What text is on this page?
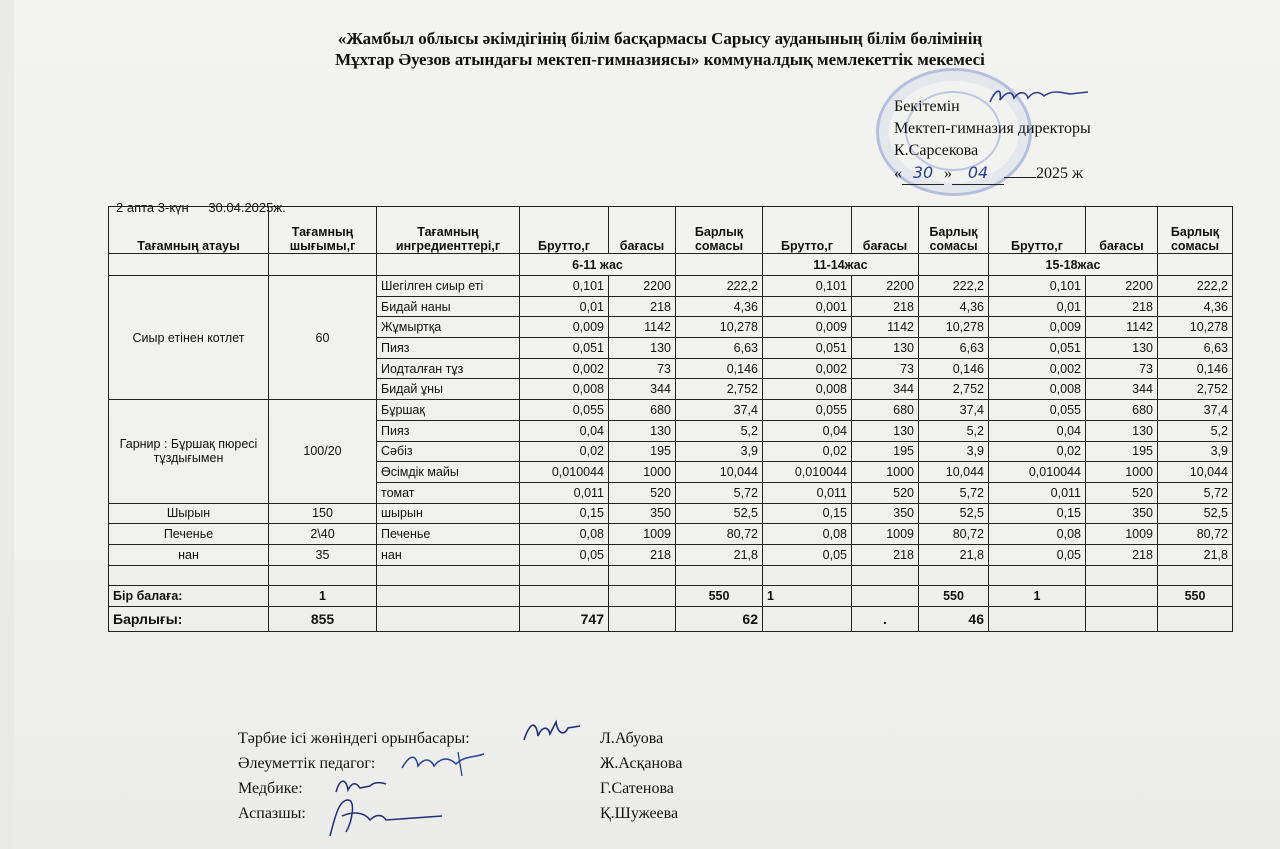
«Жамбыл облысы әкімдігінің білім басқармасы Сарысу ауданының білім бөлімінің
Мұхтар Әуезов атындағы мектеп-гимназиясы» коммуналдық мемлекеттік мекемесі
Бекітемін
Мектеп-гимназия директоры
К.Сарсекова
« 30 » 04	2025 ж
2 апта 3-күн 30.04.2025ж.
Тағамның атауы	Тағамның шығымы,г	Тағамның ингредиенттері,г	Брутто,г	бағасы	Барлық сомасы	Брутто,г	бағасы	Барлық сомасы	Брутто,г	бағасы	Барлық сомасы
			6-11 жас			11-14жас			15-18жас		
Сиыр етінен котлет	60	Шегілген сиыр еті	0,101	2200	222,2	0,101	2200	222,2	0,101	2200	222,2
		Бидай наны	0,01	218	4,36	0,001	218	4,36	0,01	218	4,36
		Жұмыртқа	0,009	1142	10,278	0,009	1142	10,278	0,009	1142	10,278
		Пияз	0,051	130	6,63	0,051	130	6,63	0,051	130	6,63
		Иодталған тұз	0,002	73	0,146	0,002	73	0,146	0,002	73	0,146
		Бидай ұны	0,008	344	2,752	0,008	344	2,752	0,008	344	2,752
Гарнир : Бұршақ пюресі тұздығымен	100/20	Бұршақ	0,055	680	37,4	0,055	680	37,4	0,055	680	37,4
		Пияз	0,04	130	5,2	0,04	130	5,2	0,04	130	5,2
		Сәбіз	0,02	195	3,9	0,02	195	3,9	0,02	195	3,9
		Өсімдік майы	0,010044	1000	10,044	0,010044	1000	10,044	0,010044	1000	10,044
		томат	0,011	520	5,72	0,011	520	5,72	0,011	520	5,72
Шырын	150	шырын	0,15	350	52,5	0,15	350	52,5	0,15	350	52,5
Печенье	2\40	Печенье	0,08	1009	80,72	0,08	1009	80,72	0,08	1009	80,72
нан	35	нан	0,05	218	21,8	0,05	218	21,8	0,05	218	21,8

Бір балаға:	1				550	1		550	1		550
Барлығы:	855		747		62		.	46			
Тәрбие ісі жөніндегі орынбасары:	Л.Абуова
Әлеуметтік педагог:	Ж.Асқанова
Медбике:	Г.Сатенова
Аспазшы:	Қ.Шужеева
